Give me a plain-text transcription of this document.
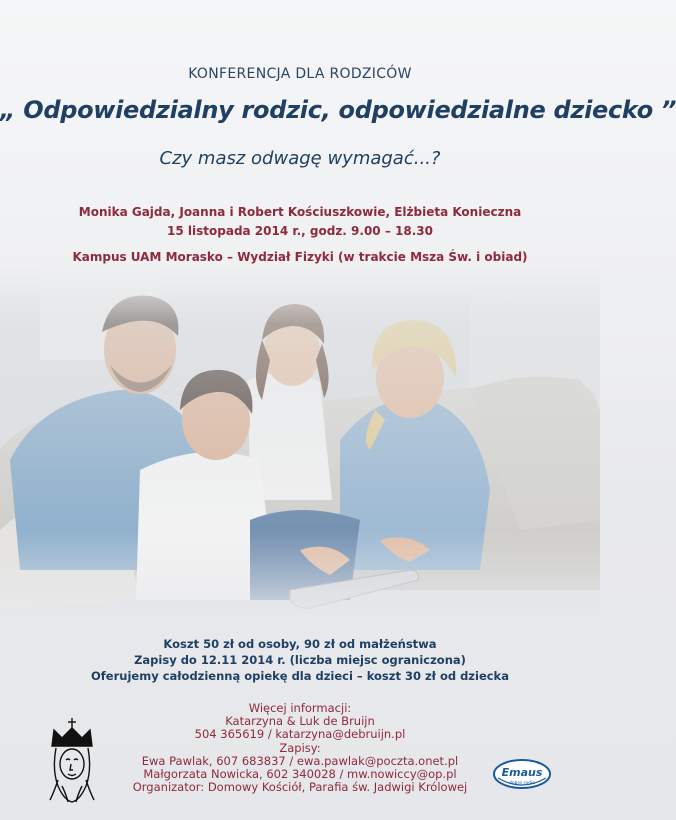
KONFERENCJA DLA RODZICÓW
„ Odpowiedzialny rodzic, odpowiedzialne dziecko ”
Czy masz odwagę wymagać...?
Monika Gajda, Joanna i Robert Kościuszkowie, Elżbieta Konieczna
15 listopada 2014 r., godz. 9.00 – 18.30
Kampus UAM Morasko – Wydział Fizyki (w trakcie Msza Św. i obiad)
Koszt 50 zł od osoby, 90 zł od małżeństwa
Zapisy do 12.11 2014 r. (liczba miejsc ograniczona)
Oferujemy całodzienną opiekę dla dzieci – koszt 30 zł od dziecka
Więcej informacji:
Katarzyna & Luk de Bruijn
504 365619 / katarzyna@debruijn.pl
Zapisy:
Ewa Pawlak, 607 683837 / ewa.pawlak@poczta.onet.pl
Małgorzata Nowicka, 602 340028 / mw.nowiccy@op.pl
Organizator: Domowy Kościół, Parafia św. Jadwigi Królowej
Emaus
dobre radio
